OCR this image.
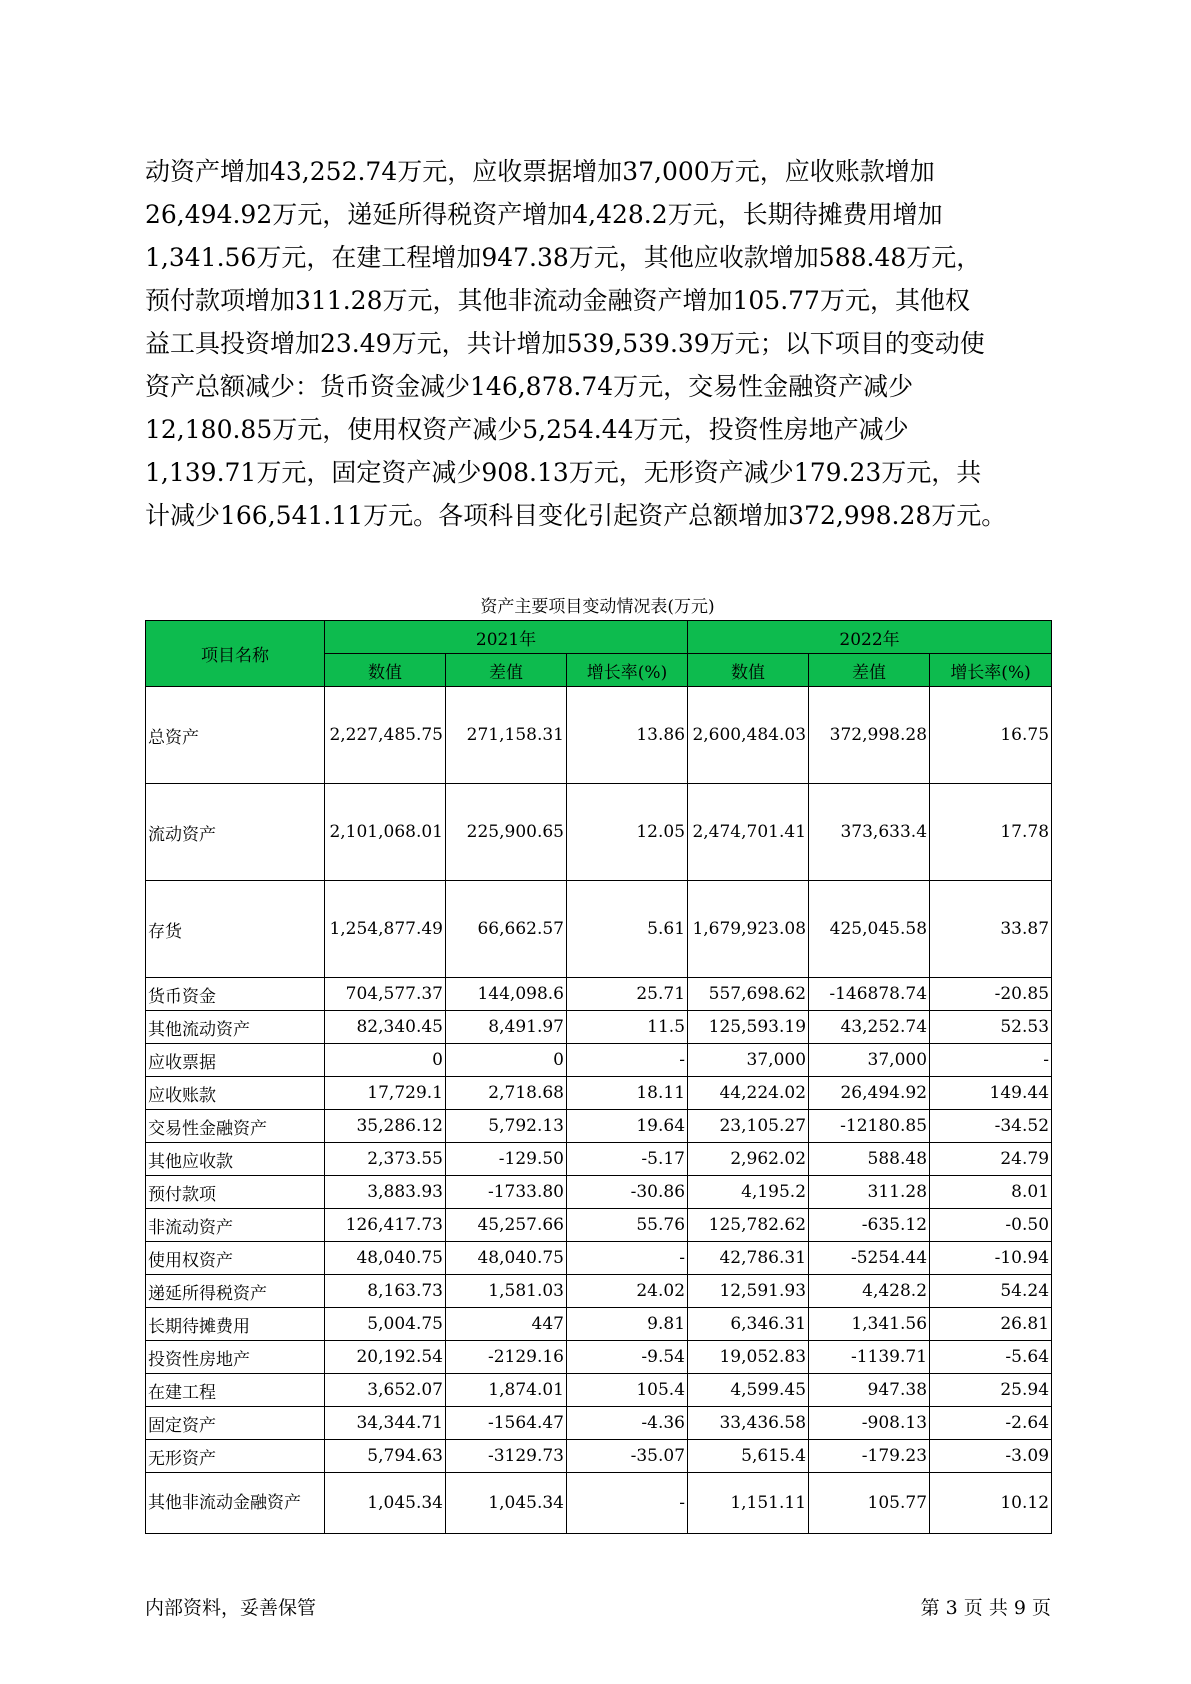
动资产增加43,252.74万元，应收票据增加37,000万元，应收账款增加
26,494.92万元，递延所得税资产增加4,428.2万元，长期待摊费用增加
1,341.56万元，在建工程增加947.38万元，其他应收款增加588.48万元，
预付款项增加311.28万元，其他非流动金融资产增加105.77万元，其他权
益工具投资增加23.49万元，共计增加539,539.39万元；以下项目的变动使
资产总额减少：货币资金减少146,878.74万元，交易性金融资产减少
12,180.85万元，使用权资产减少5,254.44万元，投资性房地产减少
1,139.71万元，固定资产减少908.13万元，无形资产减少179.23万元，共
计减少166,541.11万元。各项科目变化引起资产总额增加372,998.28万元。
资产主要项目变动情况表(万元)
项目名称	2021年			2022年		
	数值	差值	增长率(%)	数值	差值	增长率(%)
总资产	2,227,485.75	271,158.31	13.86	2,600,484.03	372,998.28	16.75
流动资产	2,101,068.01	225,900.65	12.05	2,474,701.41	373,633.4	17.78
存货	1,254,877.49	66,662.57	5.61	1,679,923.08	425,045.58	33.87
货币资金	704,577.37	144,098.6	25.71	557,698.62	-146878.74	-20.85
其他流动资产	82,340.45	8,491.97	11.5	125,593.19	43,252.74	52.53
应收票据	0	0	-	37,000	37,000	-
应收账款	17,729.1	2,718.68	18.11	44,224.02	26,494.92	149.44
交易性金融资产	35,286.12	5,792.13	19.64	23,105.27	-12180.85	-34.52
其他应收款	2,373.55	-129.50	-5.17	2,962.02	588.48	24.79
预付款项	3,883.93	-1733.80	-30.86	4,195.2	311.28	8.01
非流动资产	126,417.73	45,257.66	55.76	125,782.62	-635.12	-0.50
使用权资产	48,040.75	48,040.75	-	42,786.31	-5254.44	-10.94
递延所得税资产	8,163.73	1,581.03	24.02	12,591.93	4,428.2	54.24
长期待摊费用	5,004.75	447	9.81	6,346.31	1,341.56	26.81
投资性房地产	20,192.54	-2129.16	-9.54	19,052.83	-1139.71	-5.64
在建工程	3,652.07	1,874.01	105.4	4,599.45	947.38	25.94
固定资产	34,344.71	-1564.47	-4.36	33,436.58	-908.13	-2.64
无形资产	5,794.63	-3129.73	-35.07	5,615.4	-179.23	-3.09
其他非流动金融资产	1,045.34	1,045.34	-	1,151.11	105.77	10.12
内部资料，妥善保管	第 3 页 共 9 页
